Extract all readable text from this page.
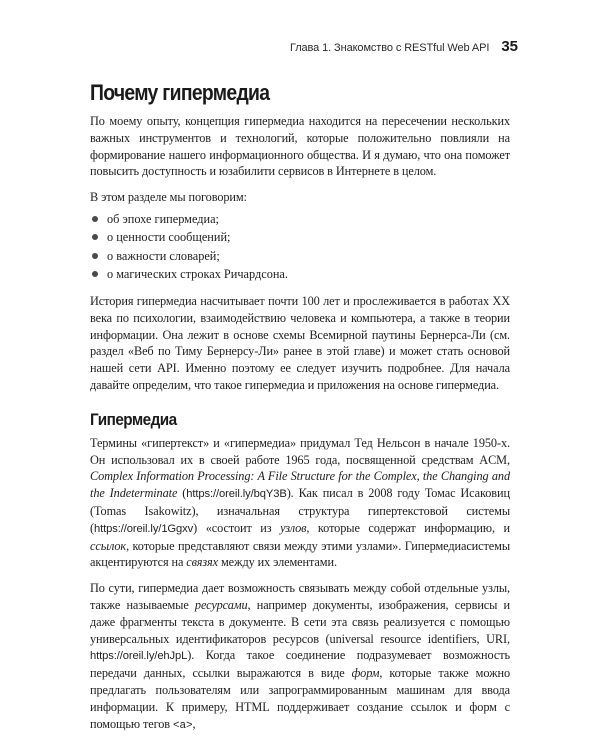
Глава 1. Знакомство с RESTful Web API 35
Почему гипермедиа

По моему опыту, концепция гипермедиа находится на пересечении нескольких важных инструментов и технологий, которые положительно повлияли на формирование нашего информационного общества. И я думаю, что она поможет повысить доступность и юзабилити сервисов в Интернете в целом.

В этом разделе мы поговорим:

об эпохе гипермедиа;
о ценности сообщений;
о важности словарей;
о магических строках Ричардсона.

История гипермедиа насчитывает почти 100 лет и прослеживается в работах XX века по психологии, взаимодействию человека и компьютера, а также в теории информации. Она лежит в основе схемы Всемирной паутины Бернерса-Ли (см. раздел «Веб по Тиму Бернерсу-Ли» ранее в этой главе) и может стать основой нашей сети API. Именно поэтому ее следует изучить подробнее. Для начала давайте определим, что такое гипермедиа и приложения на основе гипермедиа.

Гипермедиа

Термины «гипертекст» и «гипермедиа» придумал Тед Нельсон в начале 1950-х. Он использовал их в своей работе 1965 года, посвященной средствам ACM, Complex Information Processing: A File Structure for the Complex, the Changing and the Indeterminate (https://oreil.ly/bqY3B). Как писал в 2008 году Томас Исаковиц (Tomas Isakowitz), изначальная структура гипертекстовой системы (https://oreil.ly/1Ggxv) «состоит из узлов, которые содержат информацию, и ссылок, которые представляют связи между этими узлами». Гипермедиасистемы акцентируются на связях между их элементами.

По сути, гипермедиа дает возможность связывать между собой отдельные узлы, также называемые ресурсами, например документы, изображения, сервисы и даже фрагменты текста в документе. В сети эта связь реализуется с помощью универсальных идентификаторов ресурсов (universal resource identifiers, URI, https://oreil.ly/ehJpL). Когда такое соединение подразумевает возможность передачи данных, ссылки выражаются в виде форм, которые также можно предлагать пользователям или запрограммированным машинам для ввода информации. К примеру, HTML поддерживает создание ссылок и форм с помощью тегов <a>,
